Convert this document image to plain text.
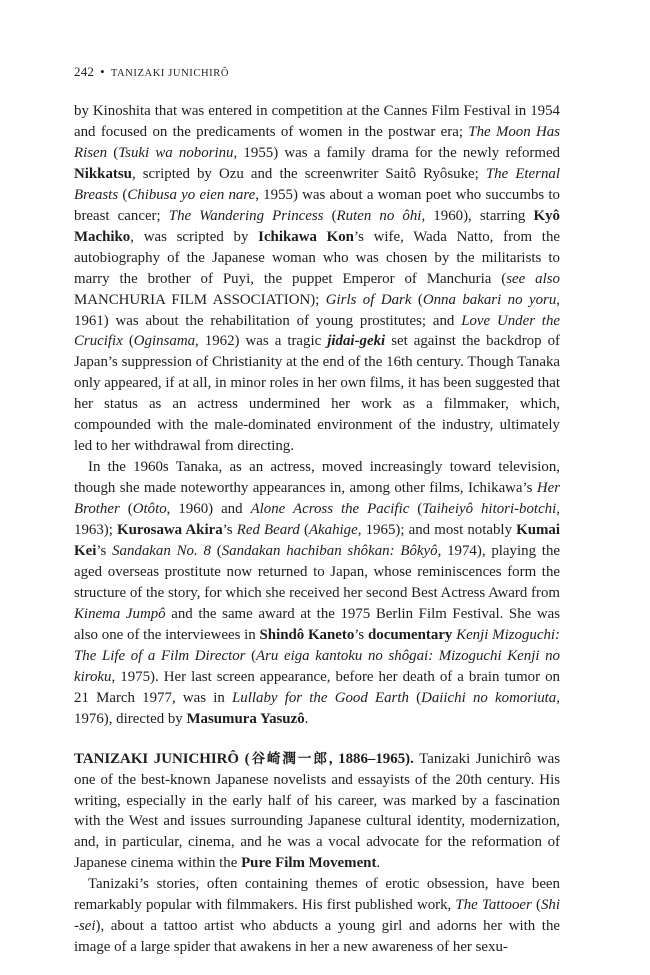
242 • TANIZAKI JUNICHIRÔ

by Kinoshita that was entered in competition at the Cannes Film Festival in 1954 and focused on the predicaments of women in the postwar era; The Moon Has Risen (Tsuki wa noborinu, 1955) was a family drama for the newly reformed Nikkatsu, scripted by Ozu and the screenwriter Saitô Ryôsuke; The Eternal Breasts (Chibusa yo eien nare, 1955) was about a woman poet who succumbs to breast cancer; The Wandering Princess (Ruten no ôhi, 1960), starring Kyô Machiko, was scripted by Ichikawa Kon’s wife, Wada Natto, from the autobiography of the Japanese woman who was chosen by the militarists to marry the brother of Puyi, the puppet Emperor of Manchuria (see also MANCHURIA FILM ASSOCIATION); Girls of Dark (Onna bakari no yoru, 1961) was about the rehabilitation of young prostitutes; and Love Under the Crucifix (Oginsama, 1962) was a tragic jidai-geki set against the backdrop of Japan’s suppression of Christianity at the end of the 16th century. Though Tanaka only appeared, if at all, in minor roles in her own films, it has been suggested that her status as an actress undermined her work as a filmmaker, which, compounded with the male-dominated environment of the industry, ultimately led to her withdrawal from directing.

In the 1960s Tanaka, as an actress, moved increasingly toward television, though she made noteworthy appearances in, among other films, Ichikawa’s Her Brother (Otôto, 1960) and Alone Across the Pacific (Taiheiyô hitori-botchi, 1963); Kurosawa Akira’s Red Beard (Akahige, 1965); and most notably Kumai Kei’s Sandakan No. 8 (Sandakan hachiban shôkan: Bôkyô, 1974), playing the aged overseas prostitute now returned to Japan, whose reminiscences form the structure of the story, for which she received her second Best Actress Award from Kinema Jumpô and the same award at the 1975 Berlin Film Festival. She was also one of the interviewees in Shindô Kaneto’s documentary Kenji Mizoguchi: The Life of a Film Director (Aru eiga kantoku no shôgai: Mizoguchi Kenji no kiroku, 1975). Her last screen appearance, before her death of a brain tumor on 21 March 1977, was in Lullaby for the Good Earth (Daiichi no komoriuta, 1976), directed by Masumura Yasuzô.

TANIZAKI JUNICHIRÔ (谷崎潤一郎, 1886–1965). Tanizaki Junichirô was one of the best-known Japanese novelists and essayists of the 20th century. His writing, especially in the early half of his career, was marked by a fascination with the West and issues surrounding Japanese cultural identity, modernization, and, in particular, cinema, and he was a vocal advocate for the reformation of Japanese cinema within the Pure Film Movement.

Tanizaki’s stories, often containing themes of erotic obsession, have been remarkably popular with filmmakers. His first published work, The Tattooer (Shi -sei), about a tattoo artist who abducts a young girl and adorns her with the image of a large spider that awakens in her a new awareness of her sexu-
